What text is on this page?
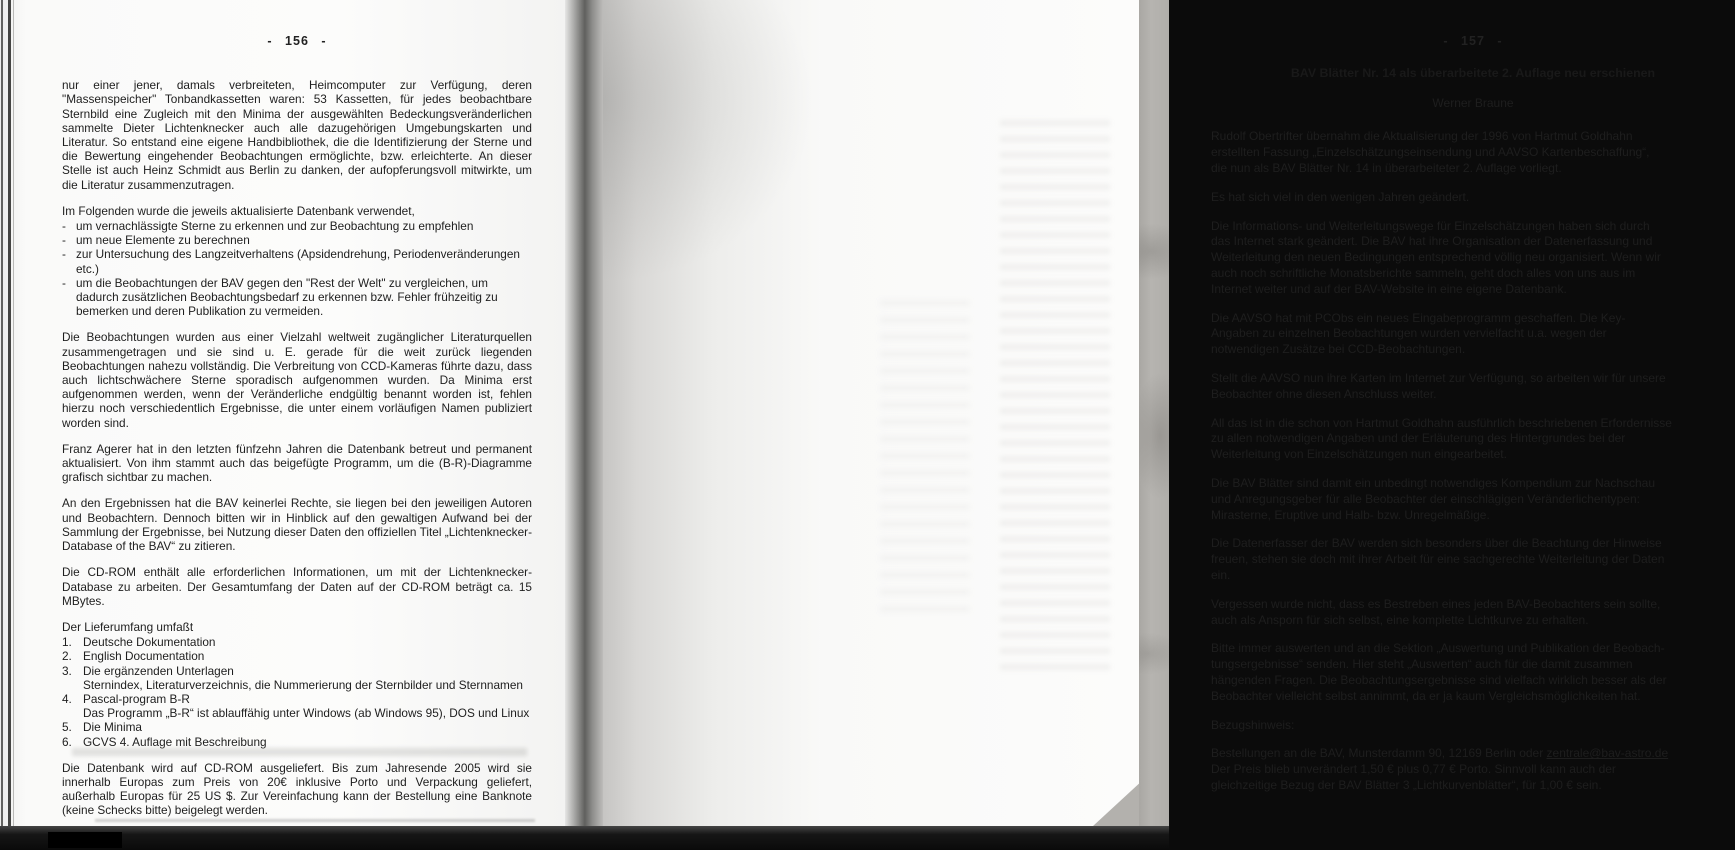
- 156 -

nur einer jener, damals verbreiteten, Heimcomputer zur Verfügung, deren "Massenspeicher" Tonbandkassetten waren: 53 Kassetten, für jedes beobachtbare Sternbild eine Zugleich mit den Minima der ausgewählten Bedeckungsveränderlichen sammelte Dieter Lichtenknecker auch alle dazugehörigen Umgebungskarten und Literatur. So entstand eine eigene Handbibliothek, die die Identifizierung der Sterne und die Bewertung eingehender Beobachtungen ermöglichte, bzw. erleichterte. An dieser Stelle ist auch Heinz Schmidt aus Berlin zu danken, der aufopferungsvoll mitwirkte, um die Literatur zusammenzutragen.

Im Folgenden wurde die jeweils aktualisierte Datenbank verwendet,

- um vernachlässigte Sterne zu erkennen und zur Beobachtung zu empfehlen
- um neue Elemente zu berechnen
- zur Untersuchung des Langzeitverhaltens (Apsidendrehung, Periodenveränderungen etc.)
- um die Beobachtungen der BAV gegen den "Rest der Welt" zu vergleichen, um dadurch zusätzlichen Beobachtungsbedarf zu erkennen bzw. Fehler frühzeitig zu bemerken und deren Publikation zu vermeiden.

Die Beobachtungen wurden aus einer Vielzahl weltweit zugänglicher Literaturquellen zusammengetragen und sie sind u. E. gerade für die weit zurück liegenden Beobachtungen nahezu vollständig. Die Verbreitung von CCD-Kameras führte dazu, dass auch lichtschwächere Sterne sporadisch aufgenommen wurden. Da Minima erst aufgenommen werden, wenn der Veränderliche endgültig benannt worden ist, fehlen hierzu noch verschiedentlich Ergebnisse, die unter einem vorläufigen Namen publiziert worden sind.

Franz Agerer hat in den letzten fünfzehn Jahren die Datenbank betreut und permanent aktualisiert. Von ihm stammt auch das beigefügte Programm, um die (B-R)-Diagramme grafisch sichtbar zu machen.

An den Ergebnissen hat die BAV keinerlei Rechte, sie liegen bei den jeweiligen Autoren und Beobachtern. Dennoch bitten wir in Hinblick auf den gewaltigen Aufwand bei der Sammlung der Ergebnisse, bei Nutzung dieser Daten den offiziellen Titel „Lichtenknecker-Database of the BAV“ zu zitieren.

Die CD-ROM enthält alle erforderlichen Informationen, um mit der Lichtenknecker-Database zu arbeiten. Der Gesamtumfang der Daten auf der CD-ROM beträgt ca. 15 MBytes.

Der Lieferumfang umfaßt

1. Deutsche Dokumentation
2. English Documentation
3. Die ergänzenden Unterlagen
Sternindex, Literaturverzeichnis, die Nummerierung der Sternbilder und Sternnamen
4. Pascal-program B-R
Das Programm „B-R“ ist ablauffähig unter Windows (ab Windows 95), DOS und Linux
5. Die Minima
6. GCVS 4. Auflage mit Beschreibung

Die Datenbank wird auf CD-ROM ausgeliefert. Bis zum Jahresende 2005 wird sie innerhalb Europas zum Preis von 20€ inklusive Porto und Verpackung geliefert, außerhalb Europas für 25 US $. Zur Vereinfachung kann der Bestellung eine Banknote (keine Schecks bitte) beigelegt werden.

- 157 -
BAV Blätter Nr. 14 als überarbeitete 2. Auflage neu erschienen
Werner Braune

Rudolf Obertrifter übernahm die Aktualisierung der 1996 von Hartmut Goldhahn
erstellten Fassung „Einzelschätzungseinsendung und AAVSO Kartenbeschaffung“,
die nun als BAV Blätter Nr. 14 in überarbeiteter 2. Auflage vorliegt.

Es hat sich viel in den wenigen Jahren geändert.

Die Informations- und Weiterleitungswege für Einzelschätzungen haben sich durch
das Internet stark geändert. Die BAV hat ihre Organisation der Datenerfassung und
Weiterleitung den neuen Bedingungen entsprechend völlig neu organisiert. Wenn wir
auch noch schriftliche Monatsberichte sammeln, geht doch alles von uns aus im
Internet weiter und auf der BAV-Website in eine eigene Datenbank.

Die AAVSO hat mit PCObs ein neues Eingabeprogramm geschaffen. Die Key-
Angaben zu einzelnen Beobachtungen wurden vervielfacht u.a. wegen der
notwendigen Zusätze bei CCD-Beobachtungen.

Stellt die AAVSO nun ihre Karten im Internet zur Verfügung, so arbeiten wir für unsere
Beobachter ohne diesen Anschluss weiter.

All das ist in die schon von Hartmut Goldhahn ausführlich beschriebenen Erfordernisse
zu allen notwendigen Angaben und der Erläuterung des Hintergrundes bei der
Weiterleitung von Einzelschätzungen nun eingearbeitet.

Die BAV Blätter sind damit ein unbedingt notwendiges Kompendium zur Nachschau
und Anregungsgeber für alle Beobachter der einschlägigen Veränderlichentypen:
Mirasterne, Eruptive und Halb- bzw. Unregelmäßige.

Die Datenerfasser der BAV werden sich besonders über die Beachtung der Hinweise
freuen, stehen sie doch mit ihrer Arbeit für eine sachgerechte Weiterleitung der Daten
ein.

Vergessen wurde nicht, dass es Bestreben eines jeden BAV-Beobachters sein sollte,
auch als Ansporn für sich selbst, eine komplette Lichtkurve zu erhalten.

Bitte immer auswerten und an die Sektion „Auswertung und Publikation der Beobach-
tungsergebnisse“ senden. Hier steht „Auswerten“ auch für die damit zusammen
hängenden Fragen. Die Beobachtungsergebnisse sind vielfach wirklich besser als der
Beobachter vielleicht selbst annimmt, da er ja kaum Vergleichsmöglichkeiten hat.

Bezugshinweis:

Bestellungen an die BAV, Munsterdamm 90, 12169 Berlin oder zentrale@bav-astro.de
Der Preis blieb unverändert 1,50 € plus 0,77 € Porto. Sinnvoll kann auch der
gleichzeitige Bezug der BAV Blätter 3 „Lichtkurvenblätter“, für 1,00 € sein.
